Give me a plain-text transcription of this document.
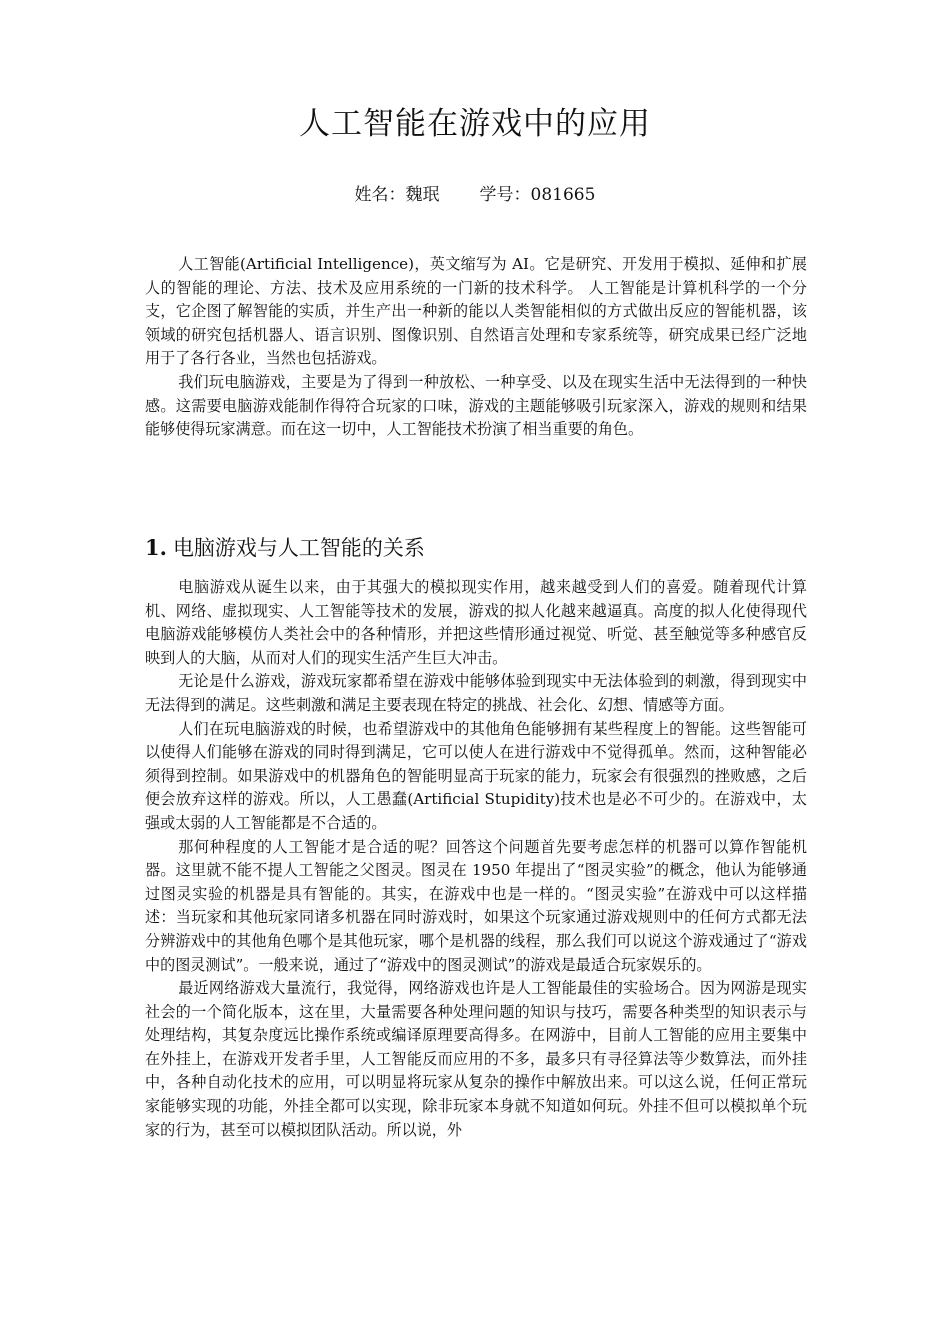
人工智能在游戏中的应用
姓名：魏珉 学号：081665

人工智能(Artificial Intelligence)，英文缩写为 AI。它是研究、开发用于模拟、延伸和扩展人的智能的理论、方法、技术及应用系统的一门新的技术科学。 人工智能是计算机科学的一个分支，它企图了解智能的实质，并生产出一种新的能以人类智能相似的方式做出反应的智能机器，该领域的研究包括机器人、语言识别、图像识别、自然语言处理和专家系统等，研究成果已经广泛地用于了各行各业，当然也包括游戏。

我们玩电脑游戏，主要是为了得到一种放松、一种享受、以及在现实生活中无法得到的一种快感。这需要电脑游戏能制作得符合玩家的口味，游戏的主题能够吸引玩家深入，游戏的规则和结果能够使得玩家满意。而在这一切中，人工智能技术扮演了相当重要的角色。

1. 电脑游戏与人工智能的关系

电脑游戏从诞生以来，由于其强大的模拟现实作用，越来越受到人们的喜爱。随着现代计算机、网络、虚拟现实、人工智能等技术的发展，游戏的拟人化越来越逼真。高度的拟人化使得现代电脑游戏能够模仿人类社会中的各种情形，并把这些情形通过视觉、听觉、甚至触觉等多种感官反映到人的大脑，从而对人们的现实生活产生巨大冲击。

无论是什么游戏，游戏玩家都希望在游戏中能够体验到现实中无法体验到的刺激，得到现实中无法得到的满足。这些刺激和满足主要表现在特定的挑战、社会化、幻想、情感等方面。

人们在玩电脑游戏的时候，也希望游戏中的其他角色能够拥有某些程度上的智能。这些智能可以使得人们能够在游戏的同时得到满足，它可以使人在进行游戏中不觉得孤单。然而，这种智能必须得到控制。如果游戏中的机器角色的智能明显高于玩家的能力，玩家会有很强烈的挫败感，之后便会放弃这样的游戏。所以，人工愚蠢(Artificial Stupidity)技术也是必不可少的。在游戏中，太强或太弱的人工智能都是不合适的。

那何种程度的人工智能才是合适的呢？回答这个问题首先要考虑怎样的机器可以算作智能机器。这里就不能不提人工智能之父图灵。图灵在 1950 年提出了“图灵实验”的概念，他认为能够通过图灵实验的机器是具有智能的。其实，在游戏中也是一样的。“图灵实验”在游戏中可以这样描述：当玩家和其他玩家同诸多机器在同时游戏时，如果这个玩家通过游戏规则中的任何方式都无法分辨游戏中的其他角色哪个是其他玩家，哪个是机器的线程，那么我们可以说这个游戏通过了“游戏中的图灵测试”。一般来说，通过了“游戏中的图灵测试”的游戏是最适合玩家娱乐的。

最近网络游戏大量流行，我觉得，网络游戏也许是人工智能最佳的实验场合。因为网游是现实社会的一个简化版本，这在里，大量需要各种处理问题的知识与技巧，需要各种类型的知识表示与处理结构，其复杂度远比操作系统或编译原理要高得多。在网游中，目前人工智能的应用主要集中在外挂上，在游戏开发者手里，人工智能反而应用的不多，最多只有寻径算法等少数算法，而外挂中，各种自动化技术的应用，可以明显将玩家从复杂的操作中解放出来。可以这么说，任何正常玩家能够实现的功能，外挂全都可以实现，除非玩家本身就不知道如何玩。外挂不但可以模拟单个玩家的行为，甚至可以模拟团队活动。所以说，外
